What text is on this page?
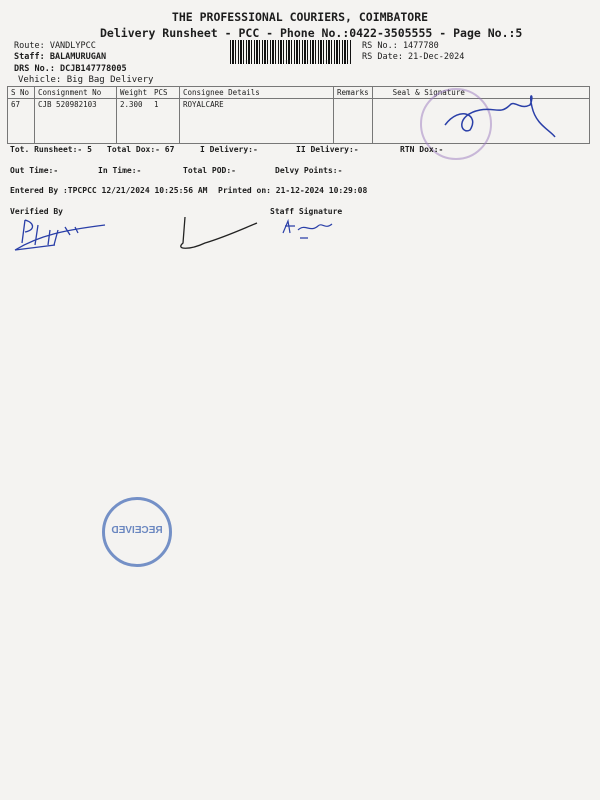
THE PROFESSIONAL COURIERS, COIMBATORE
Delivery Runsheet - PCC - Phone No.:0422-3505555 - Page No.:5
Route: VANDLYPCC
Staff: BALAMURUGAN
DRS No.: DCJB147778005
Vehicle: Big Bag Delivery
RS No.: 1477780
RS Date: 21-Dec-2024
S No	Consignment No	Weight	PCS	Consignee Details	Remarks	Seal & Signature
67	CJB 520982103	2.300	1	ROYALCARE		
Tot. Runsheet:- 5 Total Dox:- 67	I Delivery:-	II Delivery:-	RTN Dox:-
Out Time:-	In Time:-	Total POD:-	Delvy Points:-
Entered By :TPCPCC 12/21/2024 10:25:56 AM Printed on: 21-12-2024 10:29:08
Verified By	Staff Signature
RECEIVED
